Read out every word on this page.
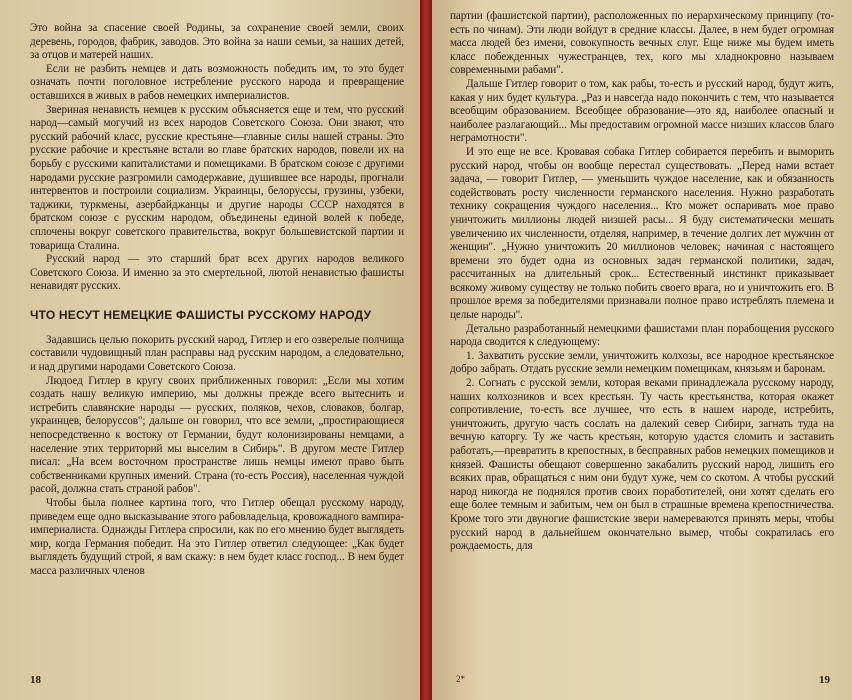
Это война за спасение своей Родины, за сохранение своей земли, своих деревень, городов, фабрик, заводов. Это война за наши семьи, за наших детей, за отцов и матерей наших.

Если не разбить немцев и дать возможность победить им, то это будет означать почти поголовное истребление русского народа и превращение оставшихся в живых в рабов немецких империалистов.

Звериная ненависть немцев к русским объясняется еще и тем, что русский народ—самый могучий из всех народов Советского Союза. Они знают, что русский рабочий класс, русские крестьяне—главные силы нашей страны. Это русские рабочие и крестьяне встали во главе братских народов, повели их на борьбу с русскими капиталистами и помещиками. В братском союзе с другими народами русские разгромили самодержавие, душившее все народы, прогнали интервентов и построили социализм. Украинцы, белоруссы, грузины, узбеки, таджики, туркмены, азербайджанцы и другие народы СССР находятся в братском союзе с русским народом, объединены единой волей к победе, сплочены вокруг советского правительства, вокруг большевистской партии и товарища Сталина.

Русский народ — это старший брат всех других народов великого Советского Союза. И именно за это смертельной, лютой ненавистью фашисты ненавидят русских.

ЧТО НЕСУТ НЕМЕЦКИЕ ФАШИСТЫ РУССКОМУ НАРОДУ

Задавшись целью покорить русский народ, Гитлер и его озверелые полчища составили чудовищный план расправы над русским народом, а следовательно, и над другими народами Советского Союза.

Людоед Гитлер в кругу своих приближенных говорил: „Если мы хотим создать нашу великую империю, мы должны прежде всего вытеснить и истребить славянские народы — русских, поляков, чехов, словаков, болгар, украинцев, белоруссов"; дальше он говорил, что все земли, „простирающиеся непосредственно к востоку от Германии, будут колонизированы немцами, а население этих территорий мы выселим в Сибирь". В другом месте Гитлер писал: „На всем восточном пространстве лишь немцы имеют право быть собственниками крупных имений. Страна (то-есть Россия), населенная чуждой расой, должна стать страной рабов".

Чтобы была полнее картина того, что Гитлер обещал русскому народу, приведем еще одно высказывание этого рабовладельца, кровожадного вампира-империалиста. Однажды Гитлера спросили, как по его мнению будет выглядеть мир, когда Германия победит. На это Гитлер ответил следующее: „Как будет выглядеть будущий строй, я вам скажу: в нем будет класс господ... В нем будет масса различных членов

18

партии (фашистской партии), расположенных по иерархическому принципу (то-есть по чинам). Эти люди войдут в средние классы. Далее, в нем будет огромная масса людей без имени, совокупность вечных слуг. Еще ниже мы будем иметь класс побежденных чужестранцев, тех, кого мы хладнокровно называем современными рабами".

Дальше Гитлер говорит о том, как рабы, то-есть и русский народ, будут жить, какая у них будет культура. „Раз и навсегда надо покончить с тем, что называется всеобщим образованием. Всеобщее образование—это яд, наиболее опасный и наиболее разлагающий... Мы предоставим огромной массе низших классов благо неграмотности".

И это еще не все. Кровавая собака Гитлер собирается перебить и выморить русский народ, чтобы он вообще перестал существовать. „Перед нами встает задача, — говорит Гитлер, — уменьшить чуждое население, как и обязанность содействовать росту численности германского населения. Нужно разработать технику сокращения чуждого населения... Кто может оспаривать мое право уничтожить миллионы людей низшей расы... Я буду систематически мешать увеличению их численности, отделяя, например, в течение долгих лет мужчин от женщин". „Нужно уничтожить 20 миллионов человек; начиная с настоящего времени это будет одна из основных задач германской политики, задач, рассчитанных на длительный срок... Естественный инстинкт приказывает всякому живому существу не только побить своего врага, но и уничтожить его. В прошлое время за победителями признавали полное право истреблять племена и целые народы".

Детально разработанный немецкими фашистами план порабощения русского народа сводится к следующему:

1. Захватить русские земли, уничтожить колхозы, все народное крестьянское добро забрать. Отдать русские земли немецким помещикам, князьям и баронам.

2. Согнать с русской земли, которая веками принадлежала русскому народу, наших колхозников и всех крестьян. Ту часть крестьянства, которая окажет сопротивление, то-есть все лучшее, что есть в нашем народе, истребить, уничтожить, другую часть сослать на далекий север Сибири, загнать туда на вечную каторгу. Ту же часть крестьян, которую удастся сломить и заставить работать,—превратить в крепостных, в бесправных рабов немецких помещиков и князей. Фашисты обещают совершенно закабалить русский народ, лишить его всяких прав, обращаться с ним они будут хуже, чем со скотом. А чтобы русский народ никогда не поднялся против своих поработителей, они хотят сделать его еще более темным и забитым, чем он был в страшные времена крепостничества. Кроме того эти двуногие фашистские звери намереваются принять меры, чтобы русский народ в дальнейшем окончательно вымер, чтобы сократилась его рождаемость, для

2*	19
